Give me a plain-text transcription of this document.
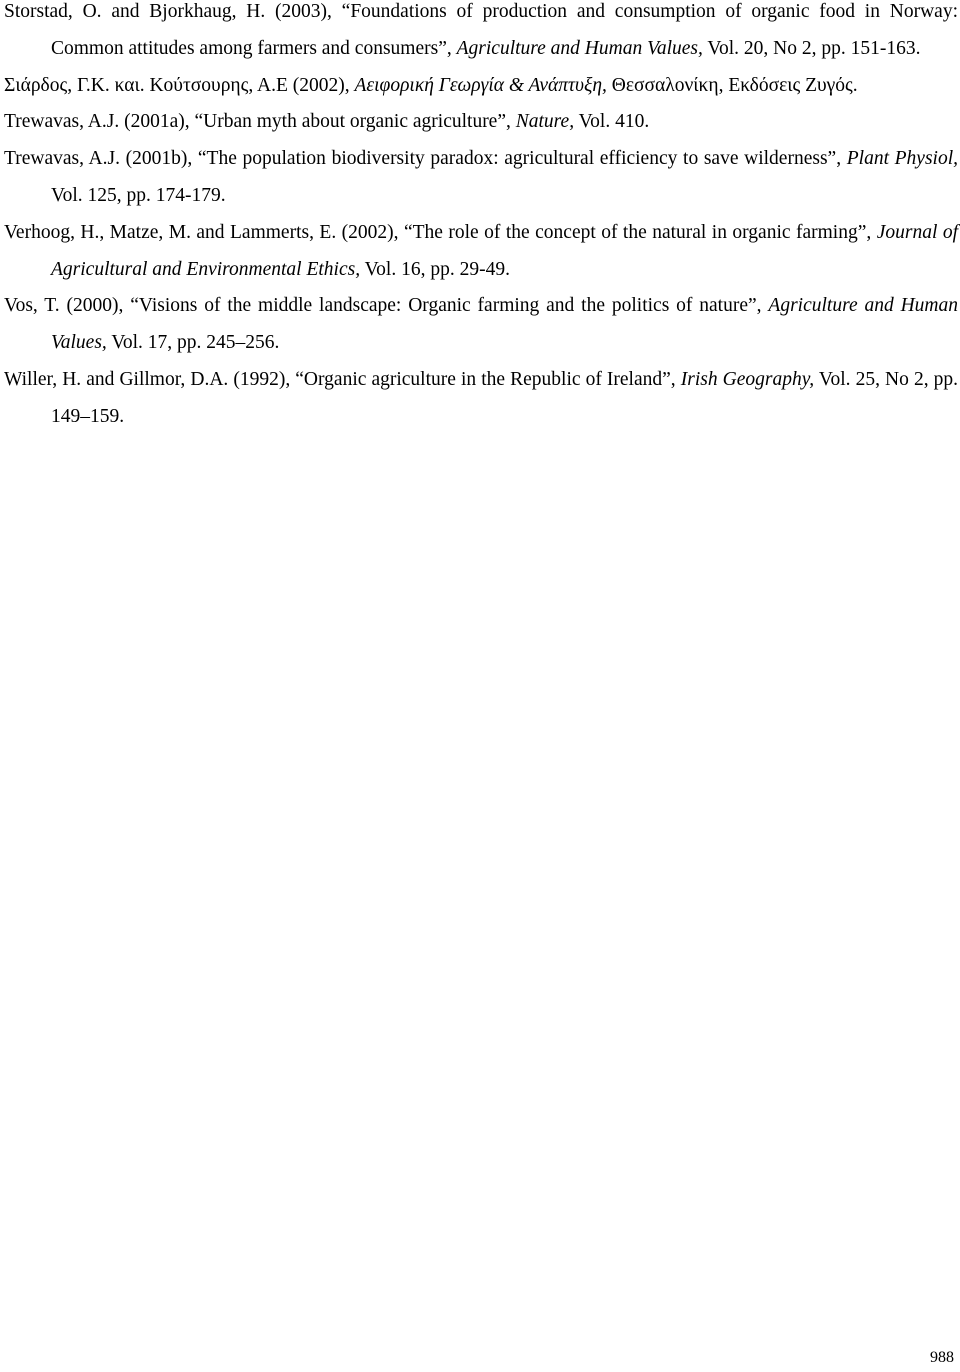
Storstad, O. and Bjorkhaug, H. (2003), “Foundations of production and consumption of organic food in Norway: Common attitudes among farmers and consumers”, Agriculture and Human Values, Vol. 20, No 2, pp. 151-163.

Σιάρδος, Γ.Κ. και. Κούτσουρης, Α.Ε (2002), Αειφορική Γεωργία & Ανάπτυξη, Θεσσαλονίκη, Εκδόσεις Ζυγός.

Trewavas, A.J. (2001a), “Urban myth about organic agriculture”, Nature, Vol. 410.

Trewavas, A.J. (2001b), “The population biodiversity paradox: agricultural efficiency to save wilderness”, Plant Physiol, Vol. 125, pp. 174-179.

Verhoog, H., Matze, M. and Lammerts, E. (2002), “The role of the concept of the natural in organic farming”, Journal of Agricultural and Environmental Ethics, Vol. 16, pp. 29-49.

Vos, T. (2000), “Visions of the middle landscape: Organic farming and the politics of nature”, Agriculture and Human Values, Vol. 17, pp. 245–256.

Willer, H. and Gillmor, D.A. (1992), “Organic agriculture in the Republic of Ireland”, Irish Geography, Vol. 25, No 2, pp. 149–159.

988
